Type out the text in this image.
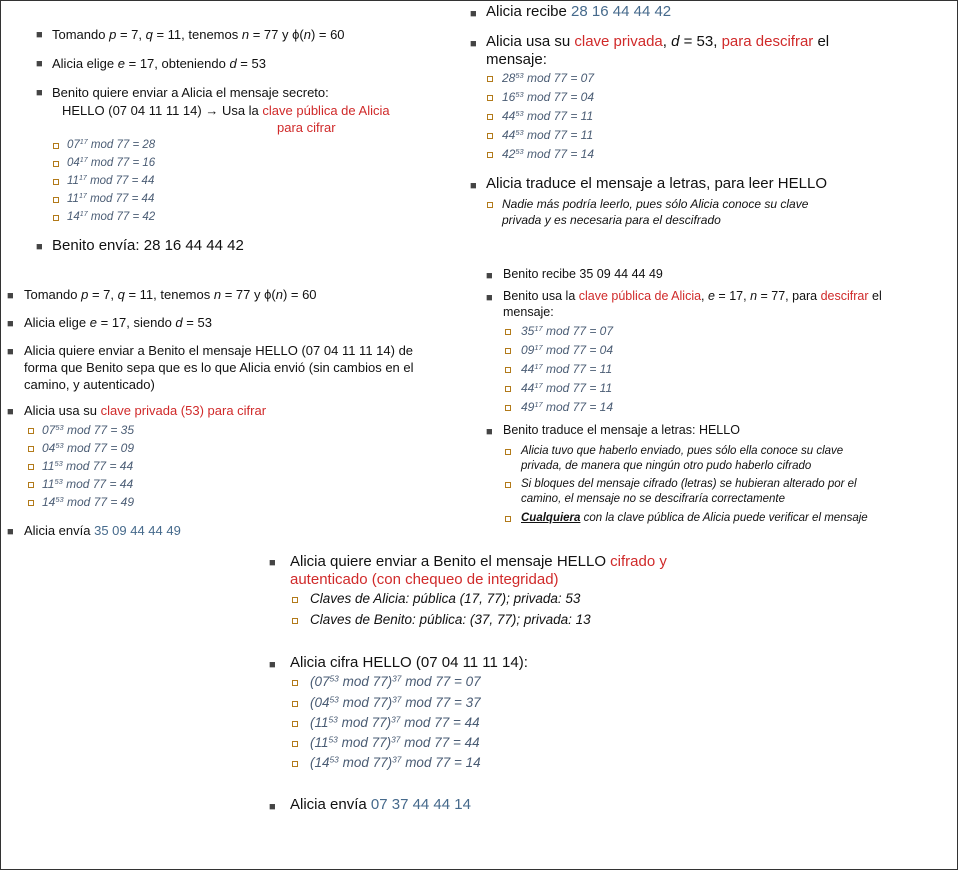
■ Tomando p = 7, q = 11, tenemos n = 77 y ϕ(n) = 60
■ Alicia elige e = 17, obteniendo d = 53
■ Benito quiere enviar a Alicia el mensaje secreto:
HELLO (07 04 11 11 14) → Usa la clave pública de Alicia
para cifrar
$07^{17}$ mod 77 = 28
$04^{17}$ mod 77 = 16
$11^{17}$ mod 77 = 44
$11^{17}$ mod 77 = 44
$14^{17}$ mod 77 = 42
■ Benito envía: 28 16 44 44 42
■ Alicia recibe 28 16 44 44 42
■ Alicia usa su clave privada, d = 53, para descifrar el
mensaje:
$28^{53}$ mod 77 = 07
$16^{53}$ mod 77 = 04
$44^{53}$ mod 77 = 11
$44^{53}$ mod 77 = 11
$42^{53}$ mod 77 = 14
■ Alicia traduce el mensaje a letras, para leer HELLO
Nadie más podría leerlo, pues sólo Alicia conoce su clave
privada y es necesaria para el descifrado
■ Tomando p = 7, q = 11, tenemos n = 77 y ϕ(n) = 60
■ Alicia elige e = 17, siendo d = 53
■ Alicia quiere enviar a Benito el mensaje HELLO (07 04 11 11 14) de
forma que Benito sepa que es lo que Alicia envió (sin cambios en el
camino, y autenticado)
■ Alicia usa su clave privada (53) para cifrar
$07^{53}$ mod 77 = 35
$04^{53}$ mod 77 = 09
$11^{53}$ mod 77 = 44
$11^{53}$ mod 77 = 44
$14^{53}$ mod 77 = 49
■ Alicia envía 35 09 44 44 49
■ Benito recibe 35 09 44 44 49
■ Benito usa la clave pública de Alicia, e = 17, n = 77, para descifrar el
mensaje:
$35^{17}$ mod 77 = 07
$09^{17}$ mod 77 = 04
$44^{17}$ mod 77 = 11
$44^{17}$ mod 77 = 11
$49^{17}$ mod 77 = 14
■ Benito traduce el mensaje a letras: HELLO
Alicia tuvo que haberlo enviado, pues sólo ella conoce su clave
privada, de manera que ningún otro pudo haberlo cifrado
Si bloques del mensaje cifrado (letras) se hubieran alterado por el
camino, el mensaje no se descifraría correctamente
Cualquiera con la clave pública de Alicia puede verificar el mensaje
■ Alicia quiere enviar a Benito el mensaje HELLO cifrado y
autenticado (con chequeo de integridad)
Claves de Alicia: pública (17, 77); privada: 53
Claves de Benito: pública: (37, 77); privada: 13
■ Alicia cifra HELLO (07 04 11 11 14):
($07^{53}$ mod 77)$^{37}$ mod 77 = 07
($04^{53}$ mod 77)$^{37}$ mod 77 = 37
($11^{53}$ mod 77)$^{37}$ mod 77 = 44
($11^{53}$ mod 77)$^{37}$ mod 77 = 44
($14^{53}$ mod 77)$^{37}$ mod 77 = 14
■ Alicia envía 07 37 44 44 14
